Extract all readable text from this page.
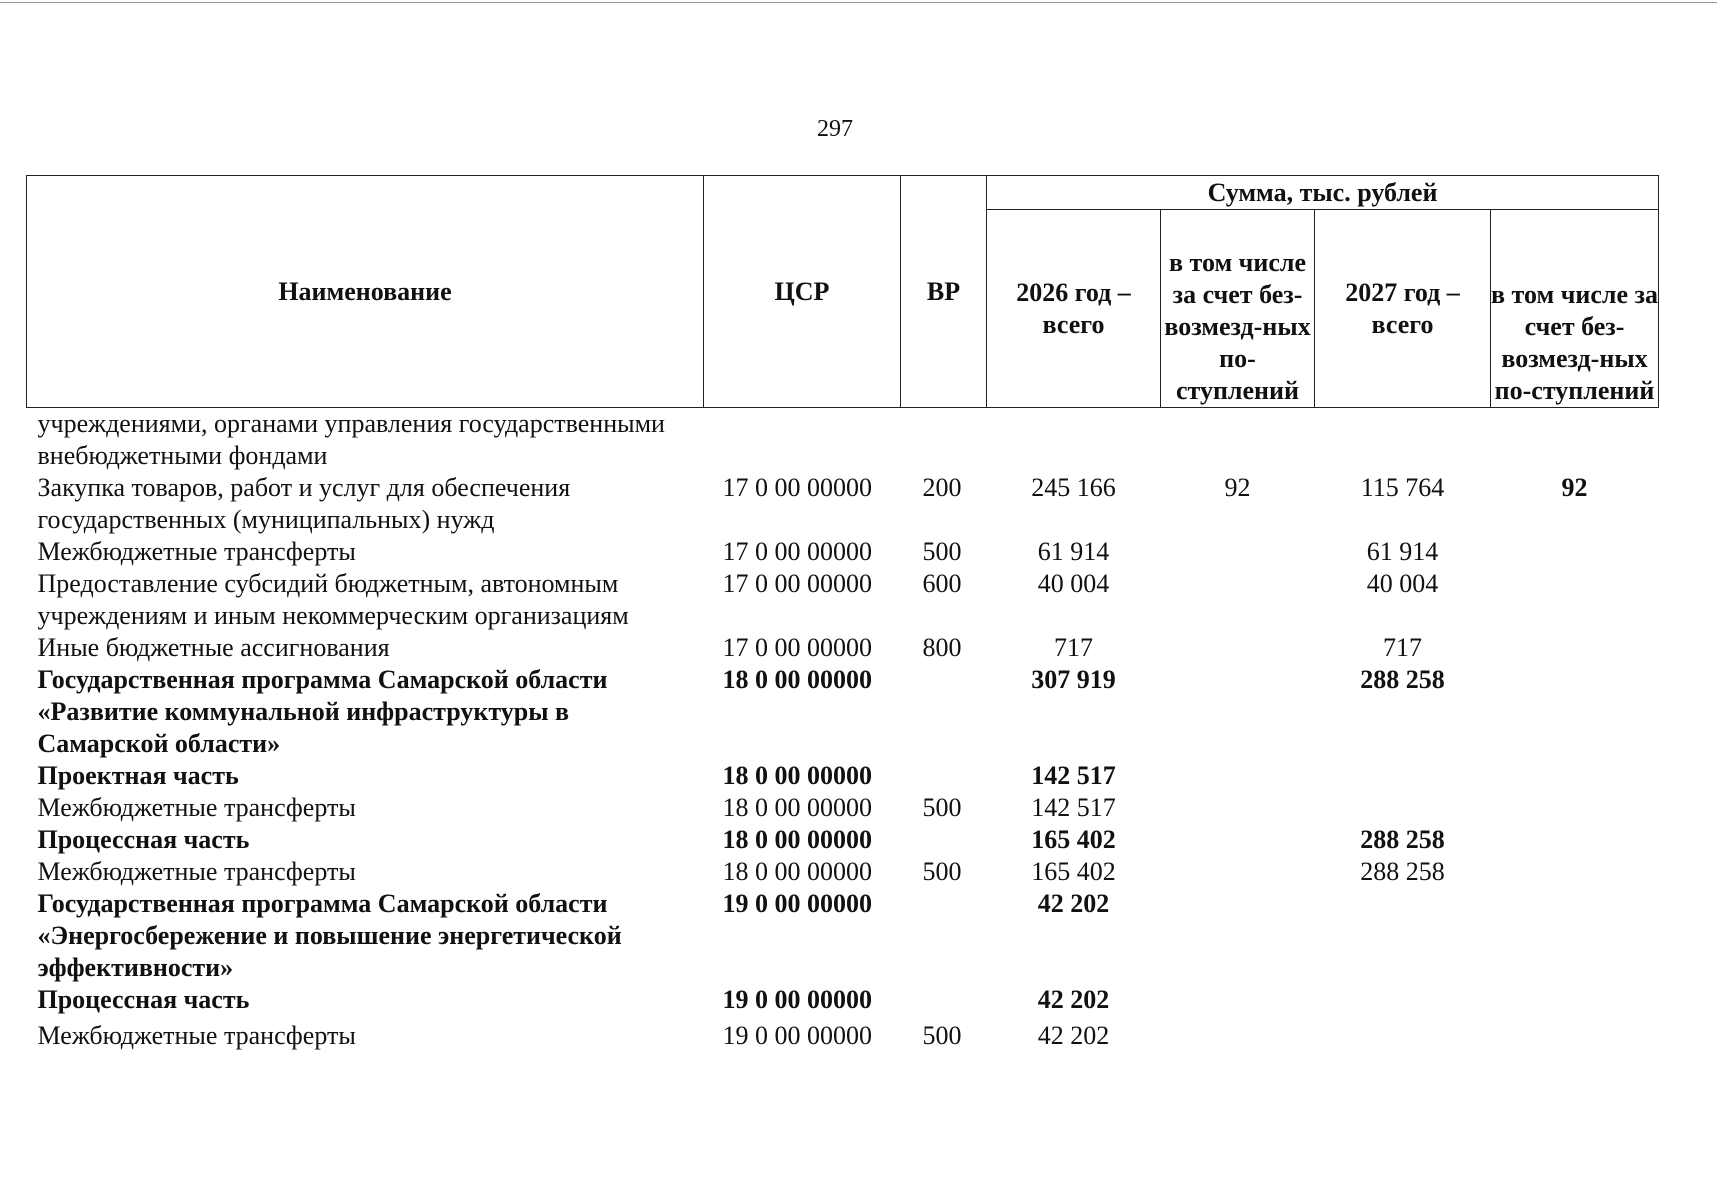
297
Наименование	ЦСР	ВР	Сумма, тыс. рублей			
			2026 год – всего	в том числе за счет без-возмезд-ных по-ступлений	2027 год – всего	в том числе за счет без-возмезд-ных по-ступлений
учреждениями, органами управления государственными внебюджетными фондами						
Закупка товаров, работ и услуг для обеспечения государственных (муниципальных) нужд	17 0 00 00000	200	245 166	92	115 764	92
Межбюджетные трансферты	17 0 00 00000	500	61 914		61 914	
Предоставление субсидий бюджетным, автономным учреждениям и иным некоммерческим организациям	17 0 00 00000	600	40 004		40 004	
Иные бюджетные ассигнования	17 0 00 00000	800	717		717	
Государственная программа Самарской области «Развитие коммунальной инфраструктуры в Самарской области»	18 0 00 00000		307 919		288 258	
Проектная часть	18 0 00 00000		142 517			
Межбюджетные трансферты	18 0 00 00000	500	142 517			
Процессная часть	18 0 00 00000		165 402		288 258	
Межбюджетные трансферты	18 0 00 00000	500	165 402		288 258	
Государственная программа Самарской области «Энергосбережение и повышение энергетической эффективности»	19 0 00 00000		42 202			
Процессная часть	19 0 00 00000		42 202			
Межбюджетные трансферты	19 0 00 00000	500	42 202			
